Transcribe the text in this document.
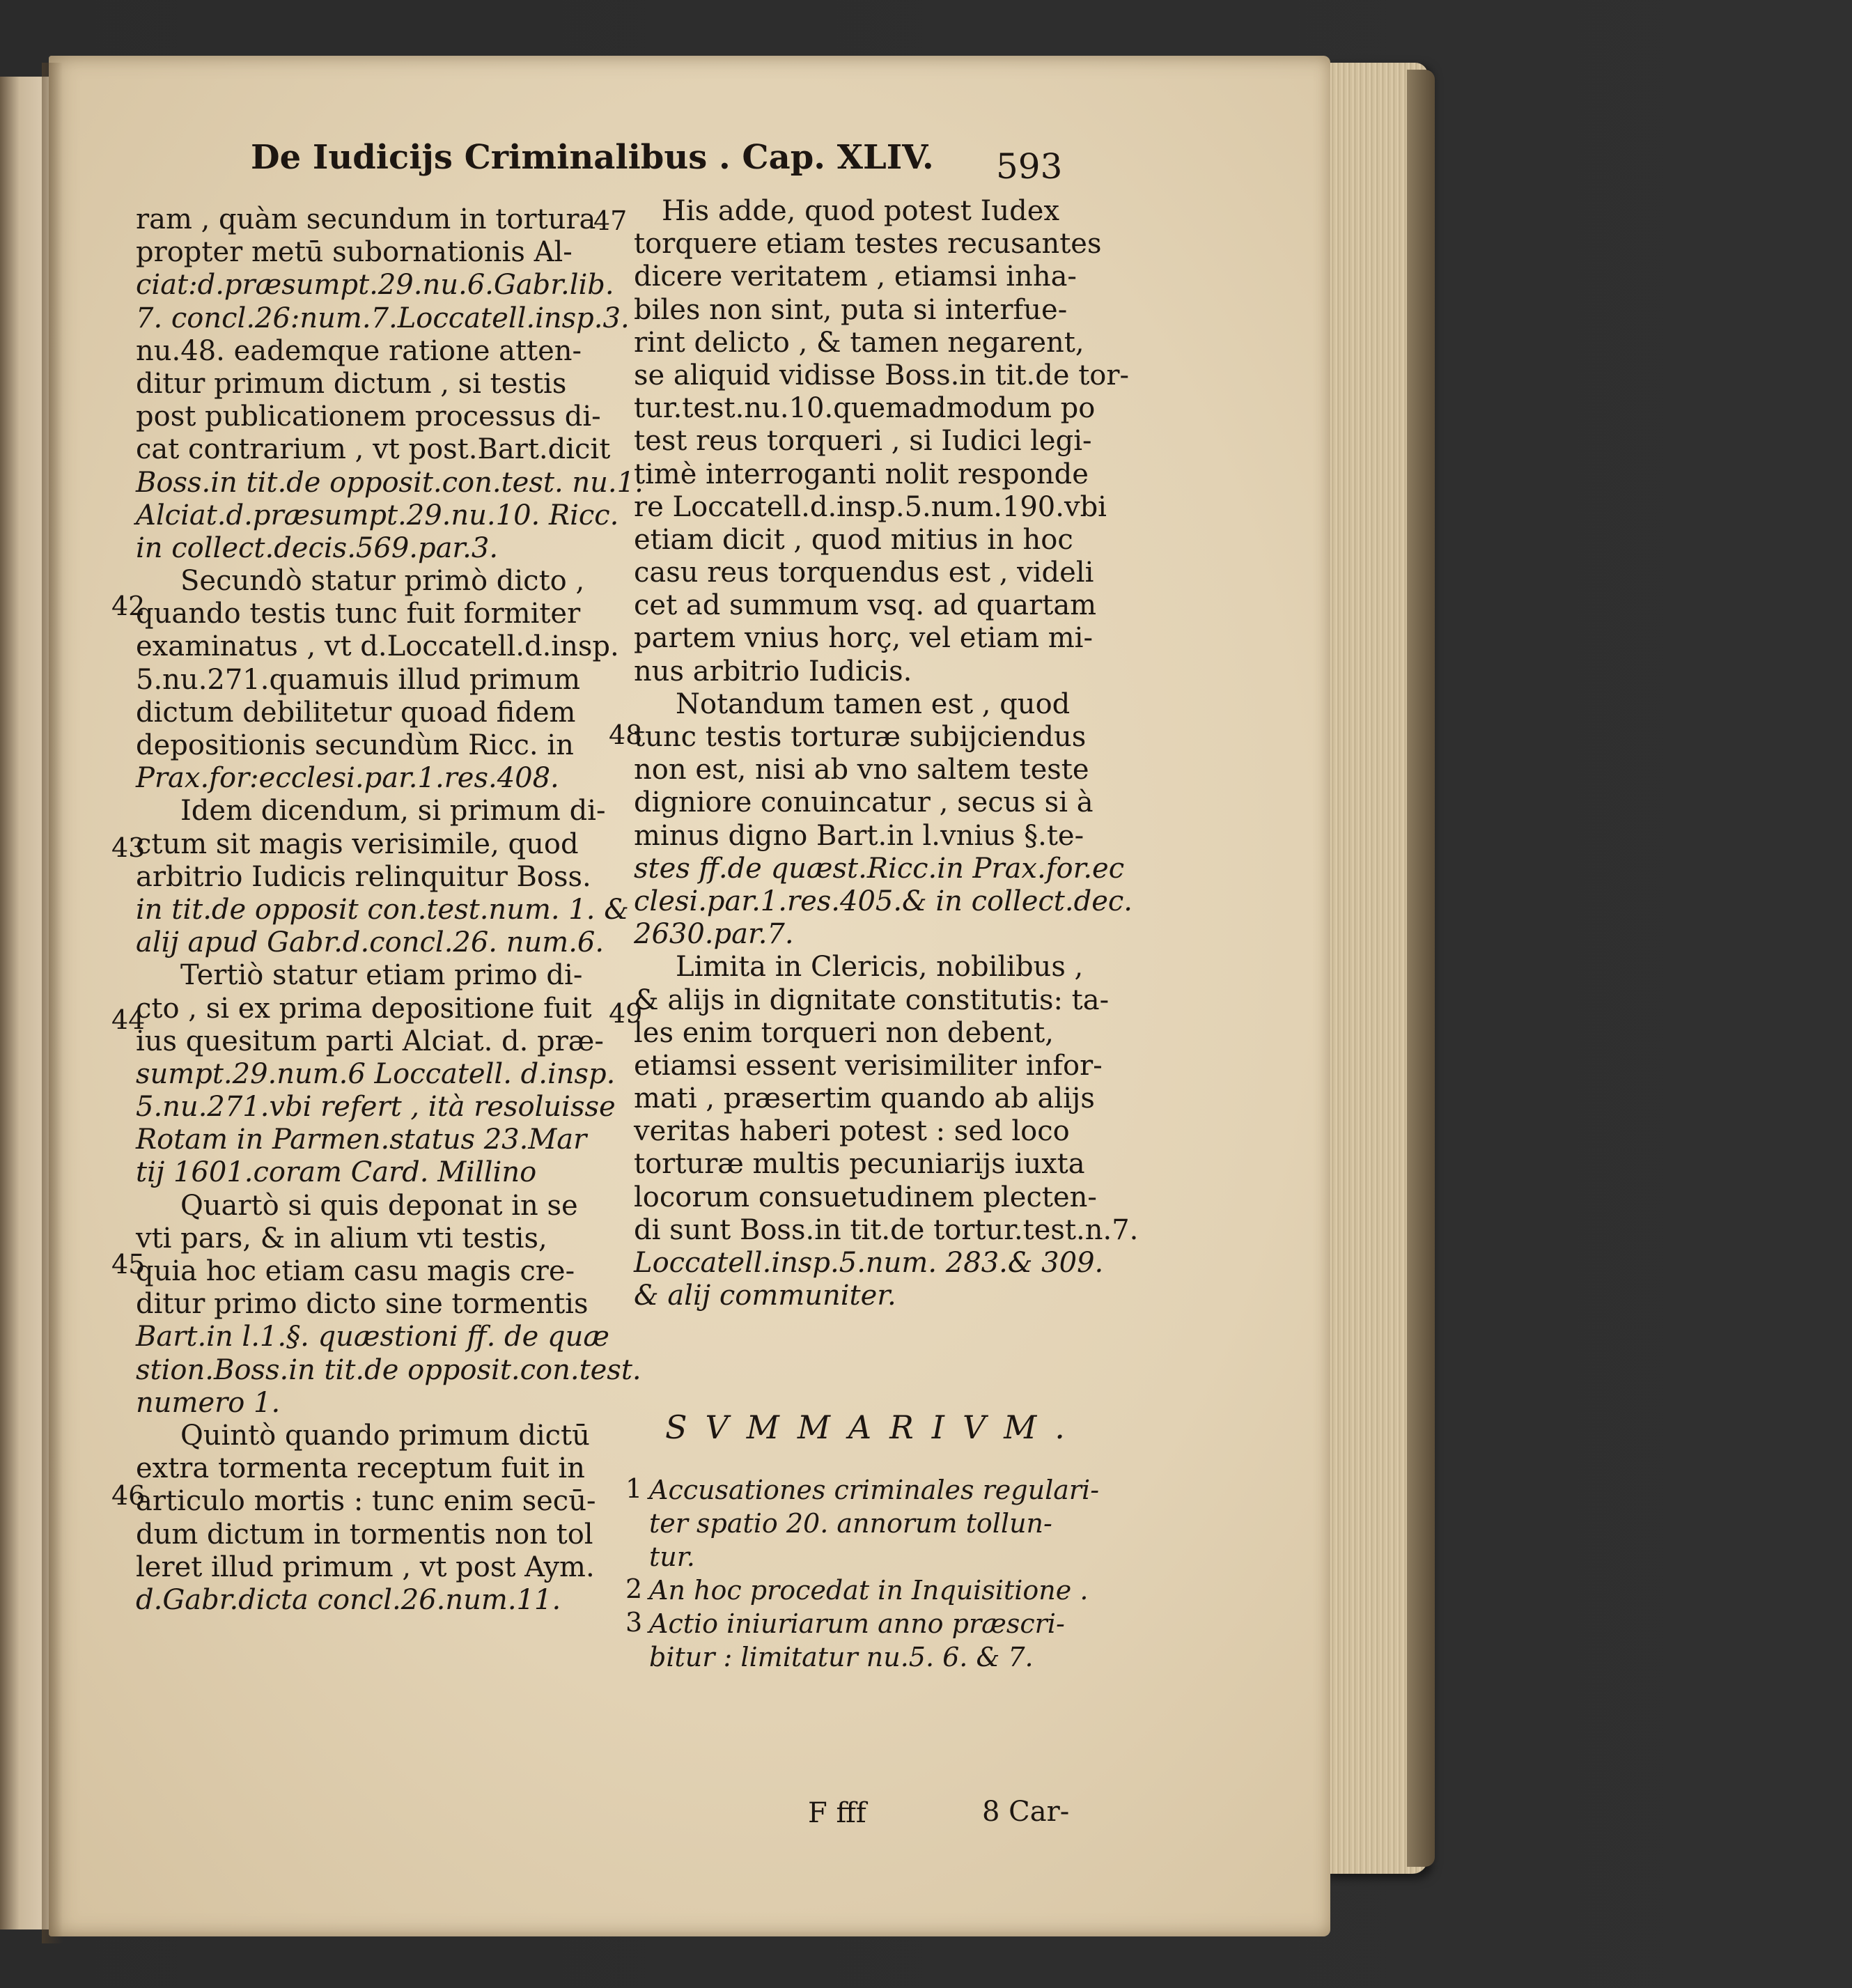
De Iudicijs Criminalibus . Cap. XLIV.	593
ram , quàm secundum in tortura
propter metū subornationis Al-
ciat:d.præsumpt.29.nu.6.Gabr.lib.
7. concl.26:num.7.Loccatell.insp.3.
nu.48. eademque ratione atten-
ditur primum dictum , si testis
post publicationem processus di-
cat contrarium , vt post.Bart.dicit
Boss.in tit.de opposit.con.test. nu.1.
Alciat.d.præsumpt.29.nu.10. Ricc.
in collect.decis.569.par.3.
Secundò statur primò dicto ,
quando testis tunc fuit formiter
examinatus , vt d.Loccatell.d.insp.
5.nu.271.quamuis illud primum
dictum debilitetur quoad fidem
depositionis secundùm Ricc. in
Prax.for:ecclesi.par.1.res.408.
Idem dicendum, si primum di-
ctum sit magis verisimile, quod
arbitrio Iudicis relinquitur Boss.
in tit.de opposit con.test.num. 1. &
alij apud Gabr.d.concl.26. num.6.
Tertiò statur etiam primo di-
cto , si ex prima depositione fuit
ius quesitum parti Alciat. d. præ-
sumpt.29.num.6 Loccatell. d.insp.
5.nu.271.vbi refert , ità resoluisse
Rotam in Parmen.status 23.Mar
tij 1601.coram Card. Millino
Quartò si quis deponat in se
vti pars, & in alium vti testis,
quia hoc etiam casu magis cre-
ditur primo dicto sine tormentis
Bart.in l.1.§. quæstioni ff. de quæ
stion.Boss.in tit.de opposit.con.test.
numero 1.
Quintò quando primum dictū
extra tormenta receptum fuit in
articulo mortis : tunc enim secū-
dum dictum in tormentis non tol
leret illud primum , vt post Aym.
d.Gabr.dicta concl.26.num.11.
42
43
44
45
46
His adde, quod potest Iudex
torquere etiam testes recusantes
dicere veritatem , etiamsi inha-
biles non sint, puta si interfue-
rint delicto , & tamen negarent,
se aliquid vidisse Boss.in tit.de tor-
tur.test.nu.10.quemadmodum po
test reus torqueri , si Iudici legi-
timè interroganti nolit responde
re Loccatell.d.insp.5.num.190.vbi
etiam dicit , quod mitius in hoc
casu reus torquendus est , videli
cet ad summum vsq. ad quartam
partem vnius horç, vel etiam mi-
nus arbitrio Iudicis.
Notandum tamen est , quod
tunc testis torturæ subijciendus
non est, nisi ab vno saltem teste
digniore conuincatur , secus si à
minus digno Bart.in l.vnius §.te-
stes ff.de quæst.Ricc.in Prax.for.ec
clesi.par.1.res.405.& in collect.dec.
2630.par.7.
Limita in Clericis, nobilibus ,
& alijs in dignitate constitutis: ta-
les enim torqueri non debent,
etiamsi essent verisimiliter infor-
mati , præsertim quando ab alijs
veritas haberi potest : sed loco
torturæ multis pecuniarijs iuxta
locorum consuetudinem plecten-
di sunt Boss.in tit.de tortur.test.n.7.
Loccatell.insp.5.num. 283.& 309.
& alij communiter.
47
48
49
SVMMARIVM.
Accusationes criminales regulari-
ter spatio 20. annorum tollun-
tur.
An hoc procedat in Inquisitione .
Actio iniuriarum anno præscri-
bitur : limitatur nu.5. 6. & 7.
1
2
3
F fff	8 Car-
